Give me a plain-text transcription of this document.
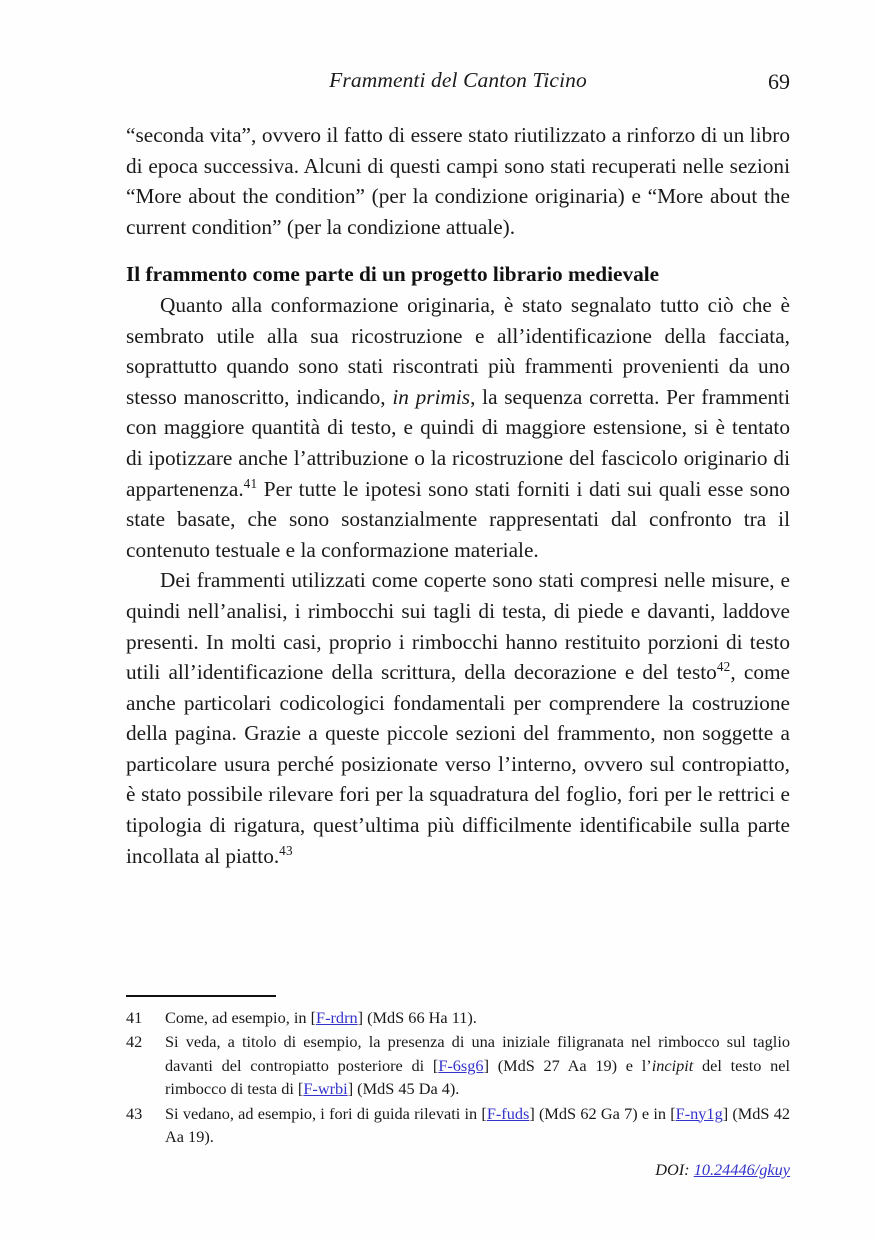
Frammenti del Canton Ticino	69

“seconda vita”, ovvero il fatto di essere stato riutilizzato a rinforzo di un libro di epoca successiva. Alcuni di questi campi sono stati recuperati nelle sezioni “More about the condition” (per la condizione originaria) e “More about the current condition” (per la condizione attuale).

Il frammento come parte di un progetto librario medievale

Quanto alla conformazione originaria, è stato segnalato tutto ciò che è sembrato utile alla sua ricostruzione e all’identificazione della facciata, soprattutto quando sono stati riscontrati più frammenti provenienti da uno stesso manoscritto, indicando, in primis, la sequenza corretta. Per frammenti con maggiore quantità di testo, e quindi di maggiore estensione, si è tentato di ipotizzare anche l’attribuzione o la ricostruzione del fascicolo originario di appartenenza.$^{41}$ Per tutte le ipotesi sono stati forniti i dati sui quali esse sono state basate, che sono sostanzialmente rappresentati dal confronto tra il contenuto testuale e la conformazione materiale.

Dei frammenti utilizzati come coperte sono stati compresi nelle misure, e quindi nell’analisi, i rimbocchi sui tagli di testa, di piede e davanti, laddove presenti. In molti casi, proprio i rimbocchi hanno restituito porzioni di testo utili all’identificazione della scrittura, della decorazione e del testo$^{42}$, come anche particolari codicologici fondamentali per comprendere la costruzione della pagina. Grazie a queste piccole sezioni del frammento, non soggette a particolare usura perché posizionate verso l’interno, ovvero sul contropiatto, è stato possibile rilevare fori per la squadratura del foglio, fori per le rettrici e tipologia di rigatura, quest’ultima più difficilmente identificabile sulla parte incollata al piatto.$^{43}$

41	Come, ad esempio, in [F-rdrn] (MdS 66 Ha 11).
42	Si veda, a titolo di esempio, la presenza di una iniziale filigranata nel rimbocco sul taglio davanti del contropiatto posteriore di [F-6sg6] (MdS 27 Aa 19) e l’incipit del testo nel rimbocco di testa di [F-wrbi] (MdS 45 Da 4).
43	Si vedano, ad esempio, i fori di guida rilevati in [F-fuds] (MdS 62 Ga 7) e in [F-ny1g] (MdS 42 Aa 19).
DOI: 10.24446/gkuy
